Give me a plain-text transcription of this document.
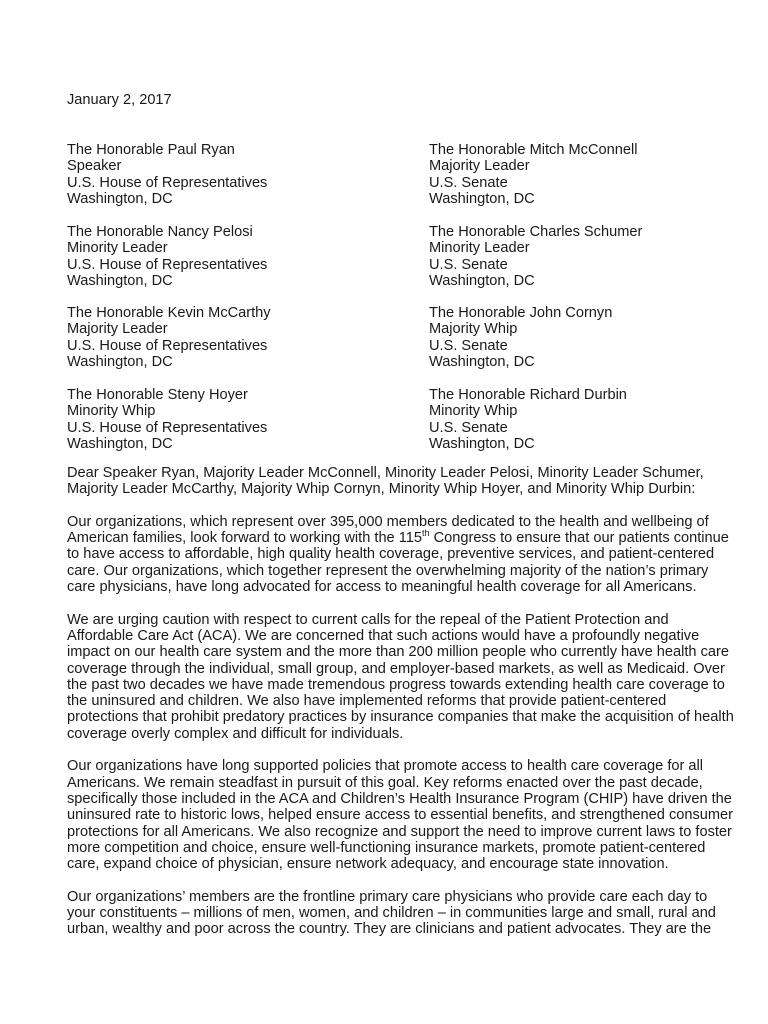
January 2, 2017
The Honorable Paul Ryan
Speaker
U.S. House of Representatives
Washington, DC
The Honorable Mitch McConnell
Majority Leader
U.S. Senate
Washington, DC
The Honorable Nancy Pelosi
Minority Leader
U.S. House of Representatives
Washington, DC
The Honorable Charles Schumer
Minority Leader
U.S. Senate
Washington, DC
The Honorable Kevin McCarthy
Majority Leader
U.S. House of Representatives
Washington, DC
The Honorable John Cornyn
Majority Whip
U.S. Senate
Washington, DC
The Honorable Steny Hoyer
Minority Whip
U.S. House of Representatives
Washington, DC
The Honorable Richard Durbin
Minority Whip
U.S. Senate
Washington, DC
Dear Speaker Ryan, Majority Leader McConnell, Minority Leader Pelosi, Minority Leader Schumer,
Majority Leader McCarthy, Majority Whip Cornyn, Minority Whip Hoyer, and Minority Whip Durbin:
Our organizations, which represent over 395,000 members dedicated to the health and wellbeing of
American families, look forward to working with the 115th Congress to ensure that our patients continue
to have access to affordable, high quality health coverage, preventive services, and patient-centered
care. Our organizations, which together represent the overwhelming majority of the nation’s primary
care physicians, have long advocated for access to meaningful health coverage for all Americans.
We are urging caution with respect to current calls for the repeal of the Patient Protection and
Affordable Care Act (ACA). We are concerned that such actions would have a profoundly negative
impact on our health care system and the more than 200 million people who currently have health care
coverage through the individual, small group, and employer-based markets, as well as Medicaid. Over
the past two decades we have made tremendous progress towards extending health care coverage to
the uninsured and children. We also have implemented reforms that provide patient-centered
protections that prohibit predatory practices by insurance companies that make the acquisition of health
coverage overly complex and difficult for individuals.
Our organizations have long supported policies that promote access to health care coverage for all
Americans. We remain steadfast in pursuit of this goal. Key reforms enacted over the past decade,
specifically those included in the ACA and Children’s Health Insurance Program (CHIP) have driven the
uninsured rate to historic lows, helped ensure access to essential benefits, and strengthened consumer
protections for all Americans. We also recognize and support the need to improve current laws to foster
more competition and choice, ensure well-functioning insurance markets, promote patient-centered
care, expand choice of physician, ensure network adequacy, and encourage state innovation.
Our organizations’ members are the frontline primary care physicians who provide care each day to
your constituents – millions of men, women, and children – in communities large and small, rural and
urban, wealthy and poor across the country. They are clinicians and patient advocates. They are the
